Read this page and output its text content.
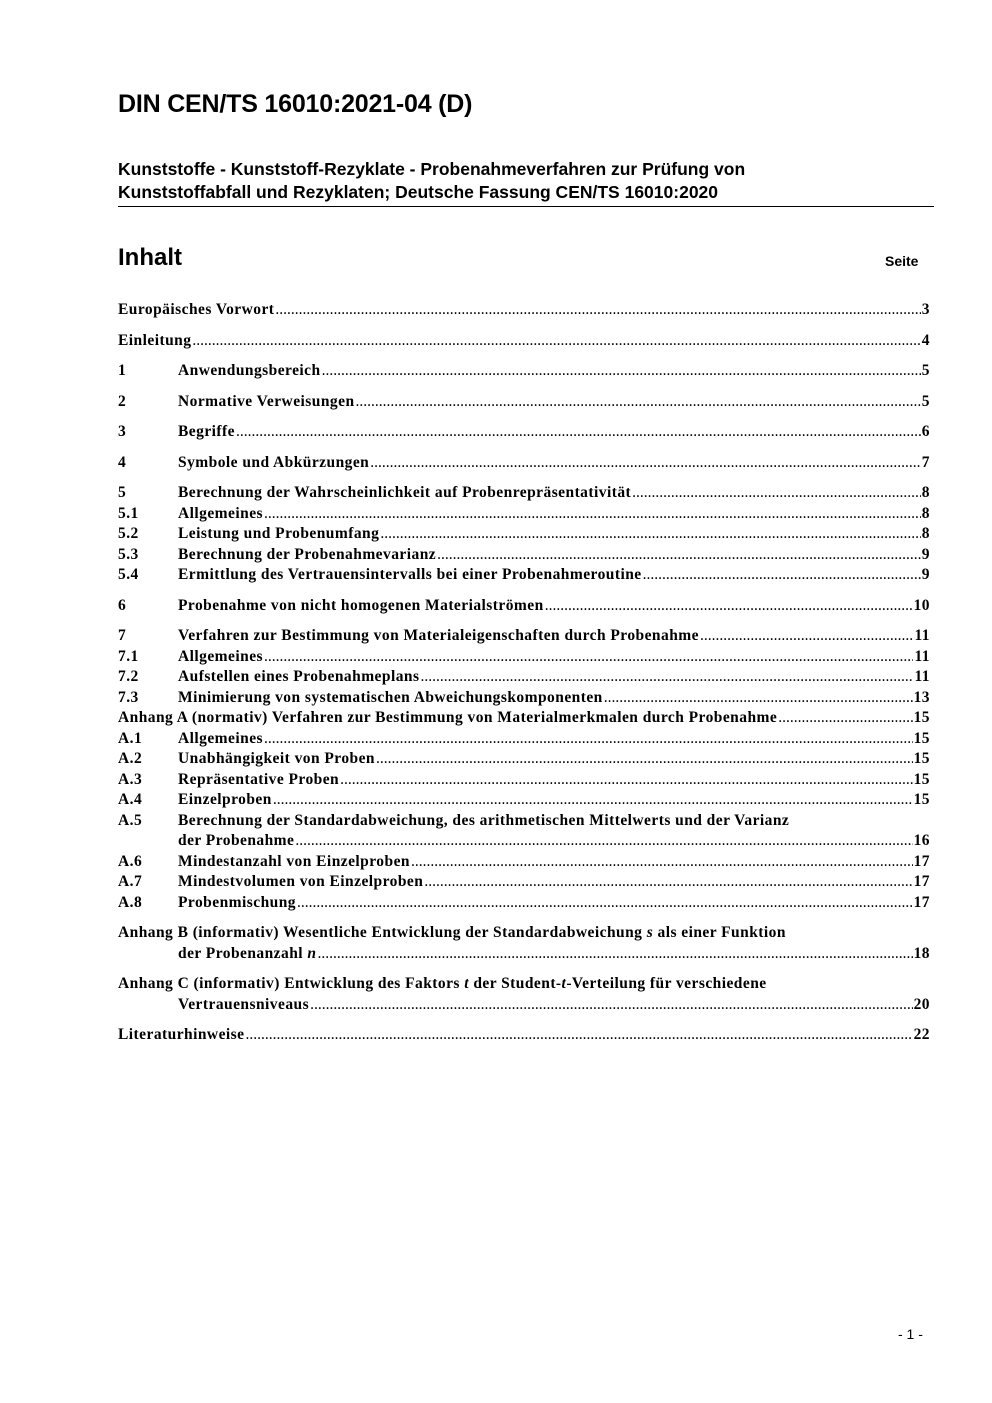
DIN CEN/TS 16010:2021-04 (D)
Kunststoffe - Kunststoff-Rezyklate - Probenahmeverfahren zur Prüfung von
Kunststoffabfall und Rezyklaten; Deutsche Fassung CEN/TS 16010:2020
Inhalt	Seite
Europäisches Vorwort .....	3
Einleitung .....	4
1	Anwendungsbereich .....	5
2	Normative Verweisungen .....	5
3	Begriffe .....	6
4	Symbole und Abkürzungen .....	7
5	Berechnung der Wahrscheinlichkeit auf Probenrepräsentativität .....	8
5.1	Allgemeines .....	8
5.2	Leistung und Probenumfang .....	8
5.3	Berechnung der Probenahmevarianz .....	9
5.4	Ermittlung des Vertrauensintervalls bei einer Probenahmeroutine .....	9
6	Probenahme von nicht homogenen Materialströmen .....	10
7	Verfahren zur Bestimmung von Materialeigenschaften durch Probenahme .....	11
7.1	Allgemeines .....	11
7.2	Aufstellen eines Probenahmeplans .....	11
7.3	Minimierung von systematischen Abweichungskomponenten .....	13
Anhang A (normativ) Verfahren zur Bestimmung von Materialmerkmalen durch Probenahme .....	15
A.1	Allgemeines .....	15
A.2	Unabhängigkeit von Proben .....	15
A.3	Repräsentative Proben .....	15
A.4	Einzelproben .....	15
A.5	Berechnung der Standardabweichung, des arithmetischen Mittelwerts und der Varianz
der Probenahme .....	16
A.6	Mindestanzahl von Einzelproben .....	17
A.7	Mindestvolumen von Einzelproben .....	17
A.8	Probenmischung .....	17
Anhang B (informativ) Wesentliche Entwicklung der Standardabweichung s als einer Funktion
der Probenanzahl n .....	18
Anhang C (informativ) Entwicklung des Faktors t der Student-t-Verteilung für verschiedene
Vertrauensniveaus .....	20
Literaturhinweise .....	22
- 1 -
